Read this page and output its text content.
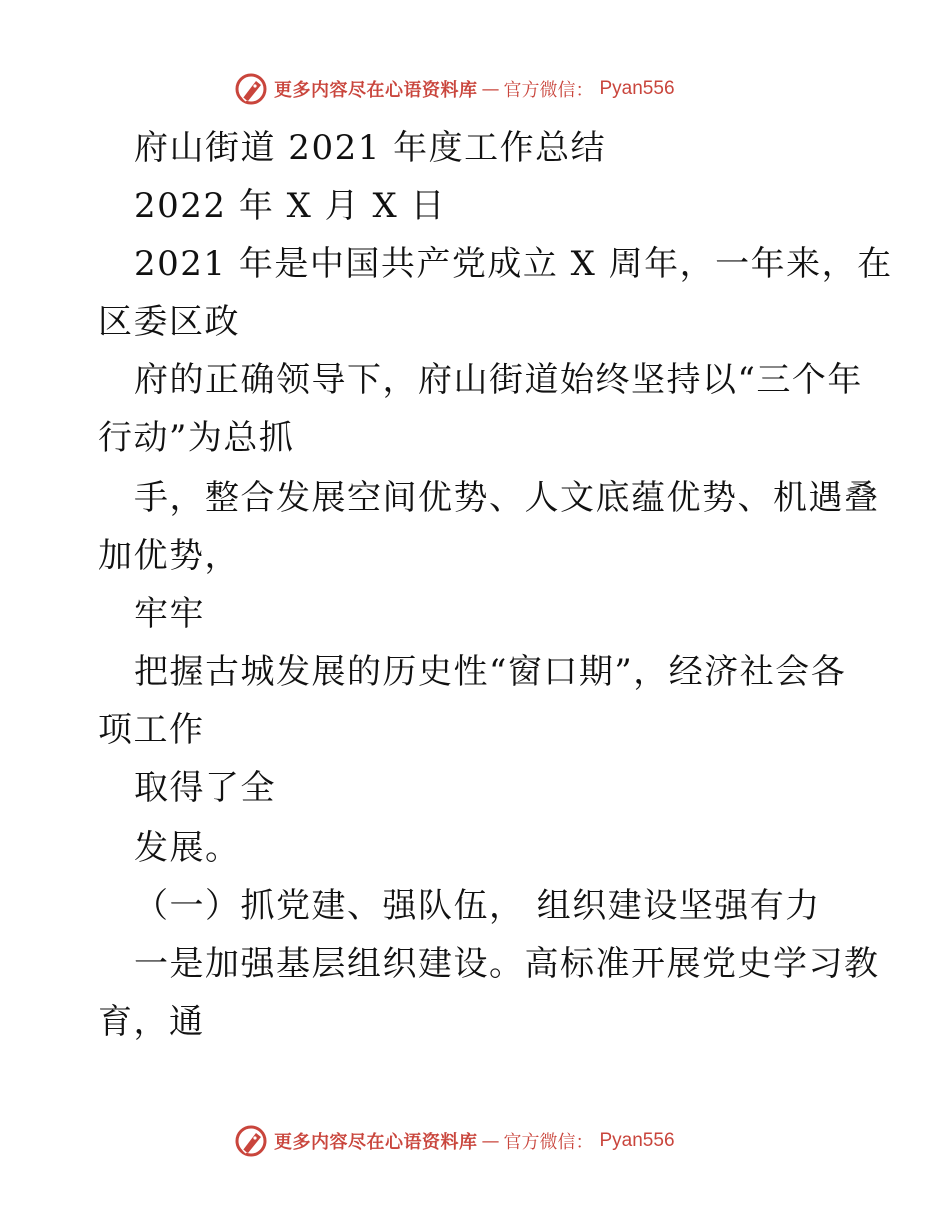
更多内容尽在心语资料库 — 官方微信： Pyan556
府山街道 2021 年度工作总结
2022 年 X 月 X 日
2021 年是中国共产党成立 X 周年，一年来，在
区委区政
府的正确领导下，府山街道始终坚持以“三个年
行动”为总抓
手，整合发展空间优势、人文底蕴优势、机遇叠
加优势，
牢牢
把握古城发展的历史性“窗口期”，经济社会各
项工作
取得了全
发展。
（一）抓党建、强队伍， 组织建设坚强有力
一是加强基层组织建设。高标准开展党史学习教
育，通
更多内容尽在心语资料库 — 官方微信： Pyan556
